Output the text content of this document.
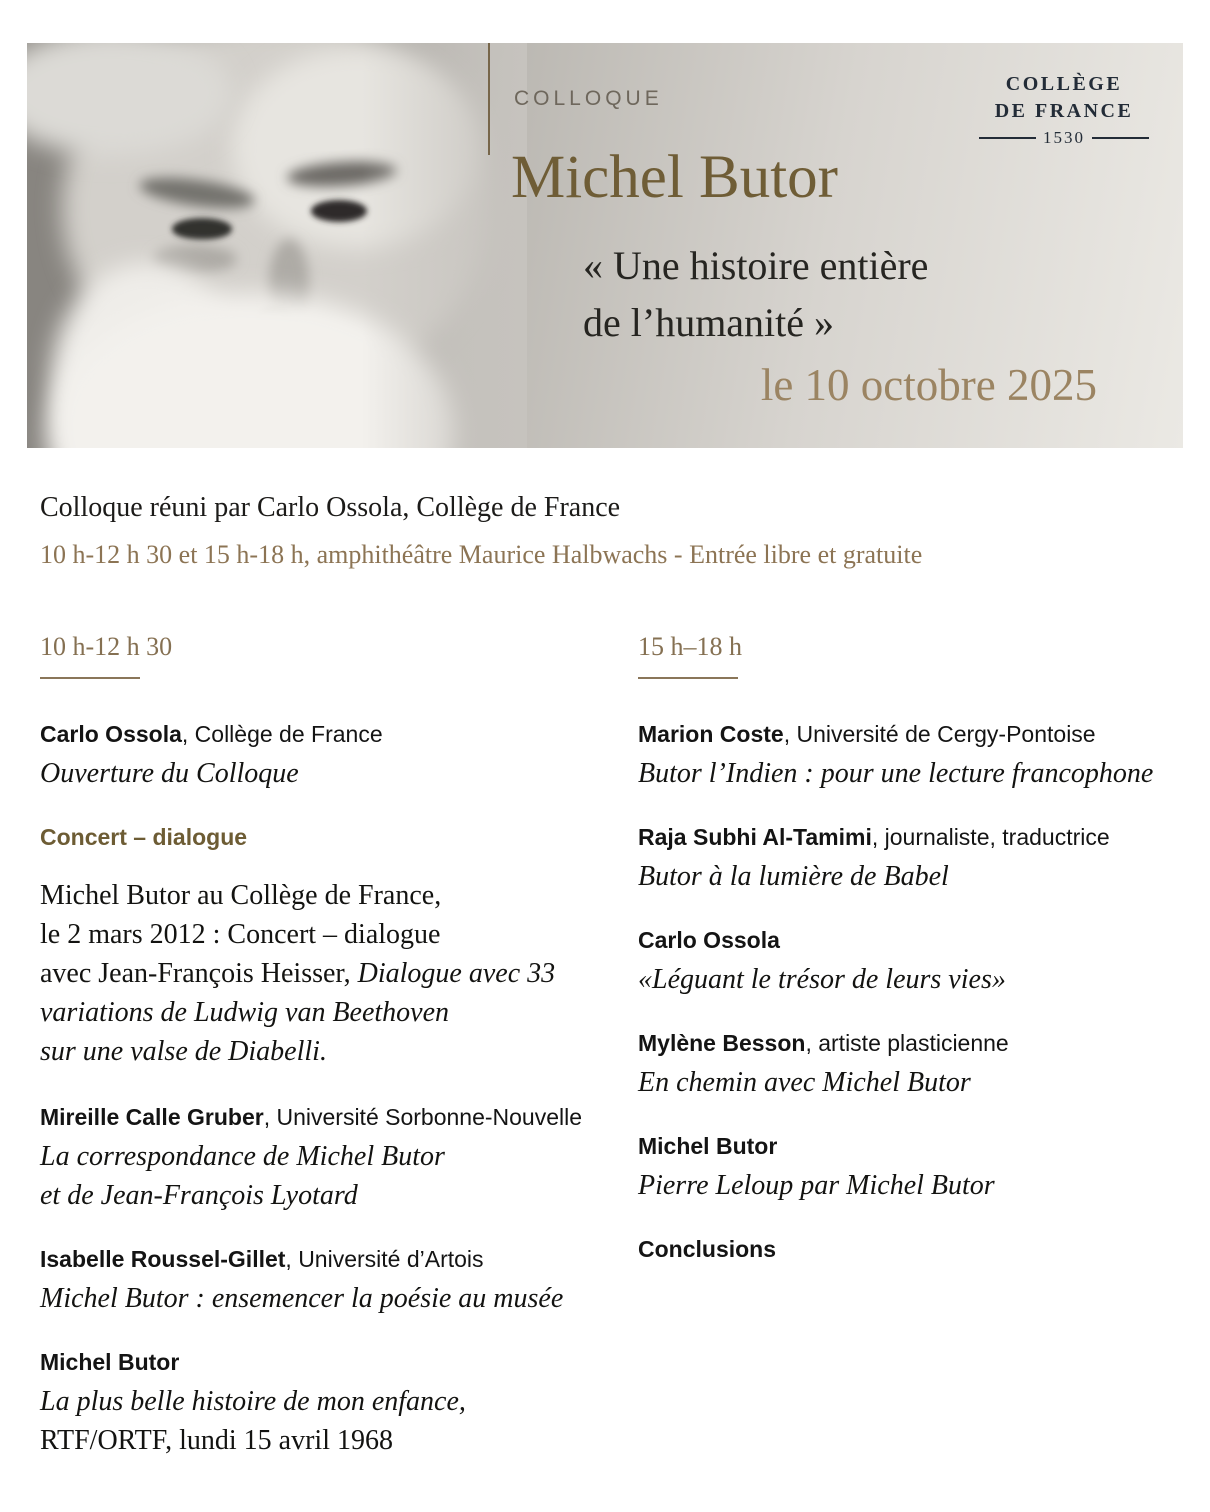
COLLOQUE
Michel Butor
« Une histoire entière
de l’humanité »
le 10 octobre 2025
COLLÈGE
DE FRANCE
1530
Colloque réuni par Carlo Ossola, Collège de France
10 h-12 h 30 et 15 h-18 h, amphithéâtre Maurice Halbwachs - Entrée libre et gratuite
10 h-12 h 30
Carlo Ossola, Collège de France
Ouverture du Colloque
Concert – dialogue
Michel Butor au Collège de France,
le 2 mars 2012 : Concert – dialogue
avec Jean-François Heisser, Dialogue avec 33
variations de Ludwig van Beethoven
sur une valse de Diabelli.
Mireille Calle Gruber, Université Sorbonne-Nouvelle
La correspondance de Michel Butor
et de Jean-François Lyotard
Isabelle Roussel-Gillet, Université d’Artois
Michel Butor : ensemencer la poésie au musée
Michel Butor
La plus belle histoire de mon enfance,
RTF/ORTF, lundi 15 avril 1968
15 h–18 h
Marion Coste, Université de Cergy-Pontoise
Butor l’Indien : pour une lecture francophone
Raja Subhi Al-Tamimi, journaliste, traductrice
Butor à la lumière de Babel
Carlo Ossola
«Léguant le trésor de leurs vies»
Mylène Besson, artiste plasticienne
En chemin avec Michel Butor
Michel Butor
Pierre Leloup par Michel Butor
Conclusions
